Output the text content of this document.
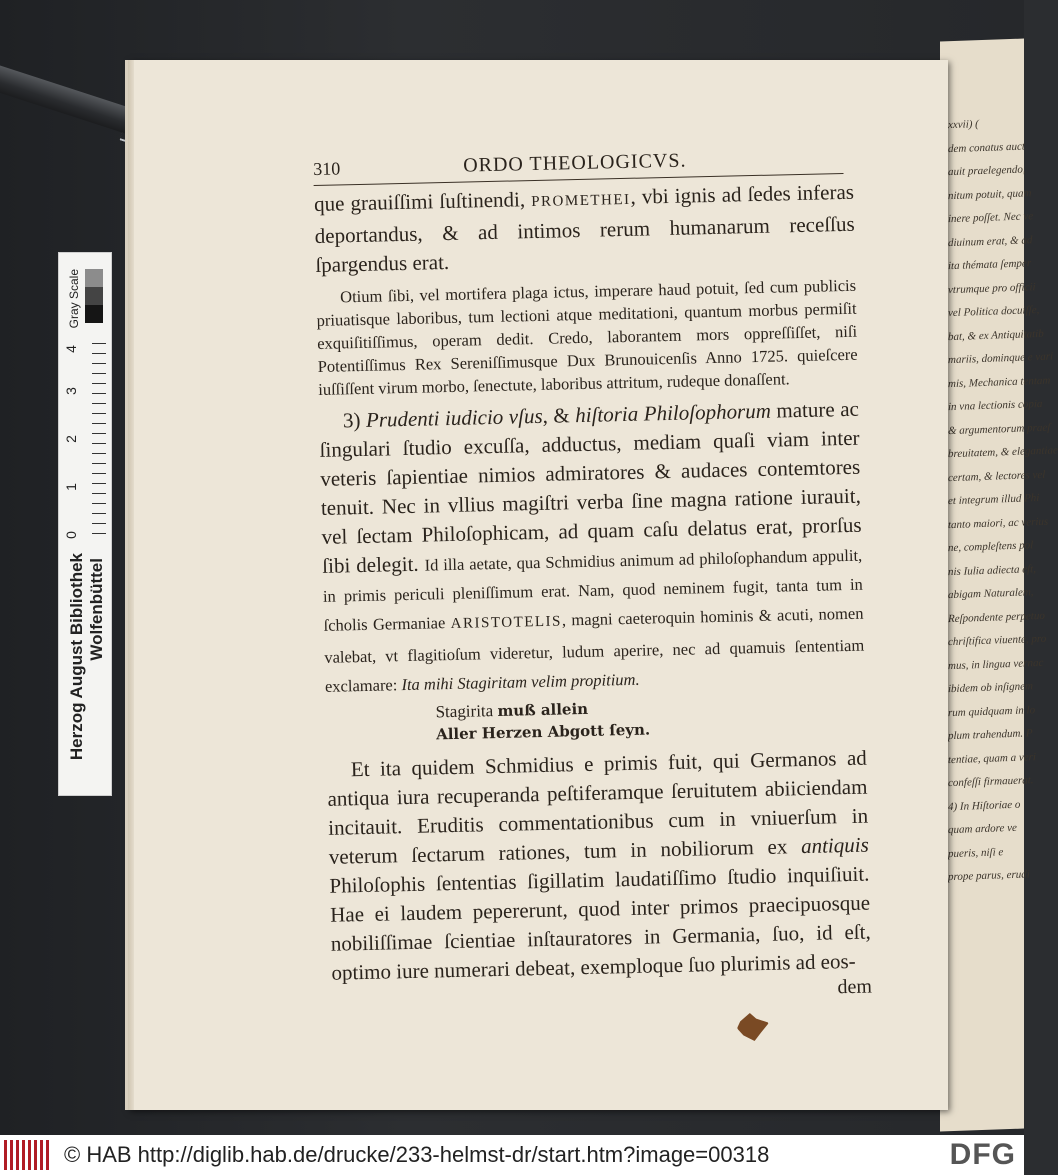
xxvii) (
dem conatus auct
auit praelegendo,
nitum potuit, quam
inere poſſet. Nec ve
diuinum erat, & ad
ita thémata ſemper
vtrumque pro officii
vel Politica docuiſſe,
bat, & ex Antiquitatib
mariis, dominque e vari
mis, Mechanica tentam
in vna lectionis copia
& argumentorum praeſ
breuitatem, & elegantiae
certam, & lectores vel
et integrum illud Phi
tanto maiori, ac verius
ne, compleſtens pol
nis Iulia adiecta eſt,
abigam Naturalem,
Reſpondente perpetuo
chriſtifica viuente, pro
mus, in lingua vernac
ibidem ob inſignem
rum quidquam in lo
plum trahendum. P
tentiae, quam a veri
confeſſi firmauerat.
4) In Hiſtoriae o
quam ardore ve
pueris, niſi e
prope parus, erudi
Herzog August Bibliothek Wolfenbüttel
Gray Scale
4
3
2
1
0
310	ORDO THEOLOGICVS.

que grauiſſimi ſuſtinendi, PROMETHEI, vbi ignis ad ſedes inferas deportandus, & ad intimos rerum humanarum receſſus ſpargendus erat.

Otium ſibi, vel mortifera plaga ictus, imperare haud potuit, ſed cum publicis priuatisque laboribus, tum lectioni atque meditationi, quantum morbus permiſit exquiſitiſſimus, operam dedit. Credo, laborantem mors oppreſſiſſet, niſi Potentiſſimus Rex Sereniſſimusque Dux Brunouicenſis Anno 1725. quieſcere iuſſiſſent virum morbo, ſenectute, laboribus attritum, rudeque donaſſent.

3) Prudenti iudicio vſus, & hiſtoria Philoſophorum mature ac ſingulari ſtudio excuſſa, adductus, mediam quaſi viam inter veteris ſapientiae nimios admiratores & audaces contemtores tenuit. Nec in vllius magiſtri verba ſine magna ratione iurauit, vel ſectam Philoſophicam, ad quam caſu delatus erat, prorſus ſibi delegit. Id illa aetate, qua Schmidius animum ad philoſophandum appulit, in primis periculi pleniſſimum erat. Nam, quod neminem fugit, tanta tum in ſcholis Germaniae ARISTOTELIS, magni caeteroquin hominis & acuti, nomen valebat, vt flagitioſum videretur, ludum aperire, nec ad quamuis ſententiam exclamare: Ita mihi Stagiritam velim propitium.

Stagirita muß allein
Aller Herzen Abgott ſeyn.

Et ita quidem Schmidius e primis fuit, qui Germanos ad antiqua iura recuperanda peſtiferamque ſeruitutem abiiciendam incitauit. Eruditis commentationibus cum in vniuerſum in veterum ſectarum rationes, tum in nobiliorum ex antiquis Philoſophis ſententias ſigillatim laudatiſſimo ſtudio inquiſiuit. Hae ei laudem pepererunt, quod inter primos praecipuosque nobiliſſimae ſcientiae inſtauratores in Germania, ſuo, id eſt, optimo iure numerari debeat, exemploque ſuo plurimis ad eos-

dem
© HAB http://diglib.hab.de/drucke/233-helmst-dr/start.htm?image=00318	DFG
